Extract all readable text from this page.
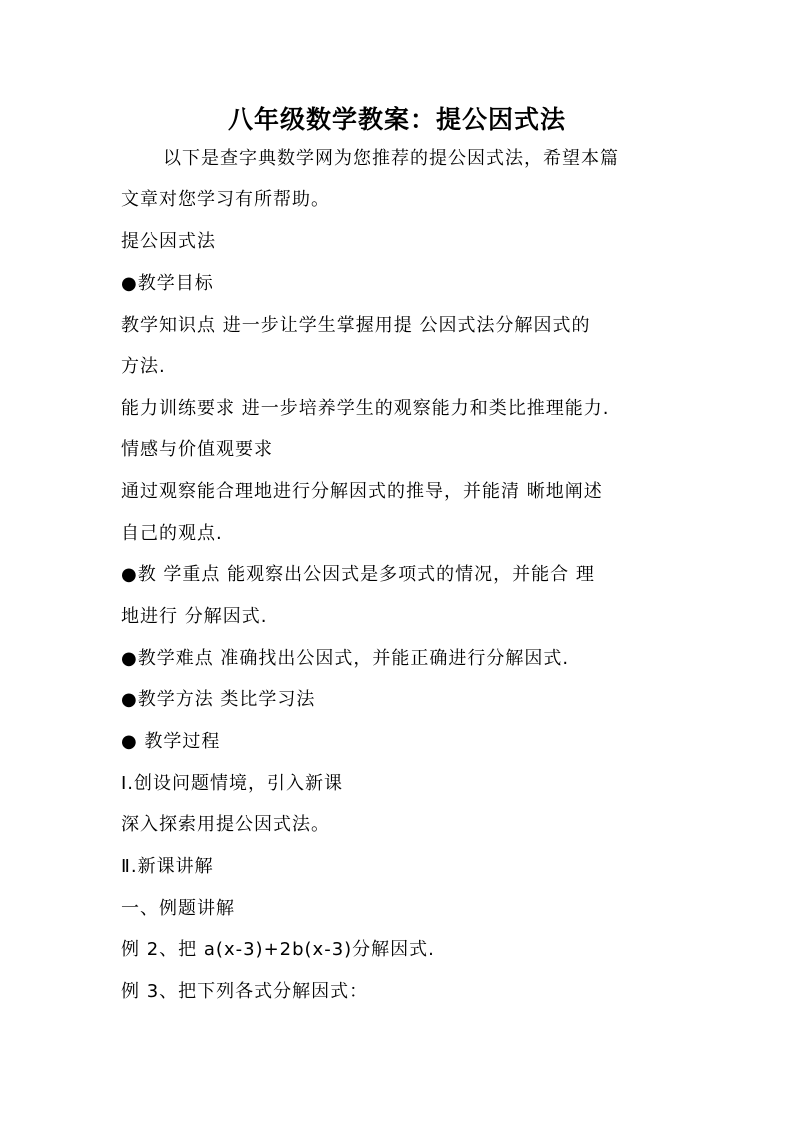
八年级数学教案：提公因式法
以下是查字典数学网为您推荐的提公因式法，希望本篇
文章对您学习有所帮助。
提公因式法
●教学目标
教学知识点 进一步让学生掌握用提 公因式法分解因式的
方法.
能力训练要求 进一步培养学生的观察能力和类比推理能力.
情感与价值观要求
通过观察能合理地进行分解因式的推导，并能清 晰地阐述
自己的观点.
●教 学重点 能观察出公因式是多项式的情况，并能合 理
地进行 分解因式.
●教学难点 准确找出公因式，并能正确进行分解因式.
●教学方法 类比学习法
● 教学过程
Ⅰ.创设问题情境，引入新课
深入探索用提公因式法。
Ⅱ.新课讲解
一、例题讲解
例 2、把 a(x-3)+2b(x-3)分解因式.
例 3、把下列各式分解因式：
